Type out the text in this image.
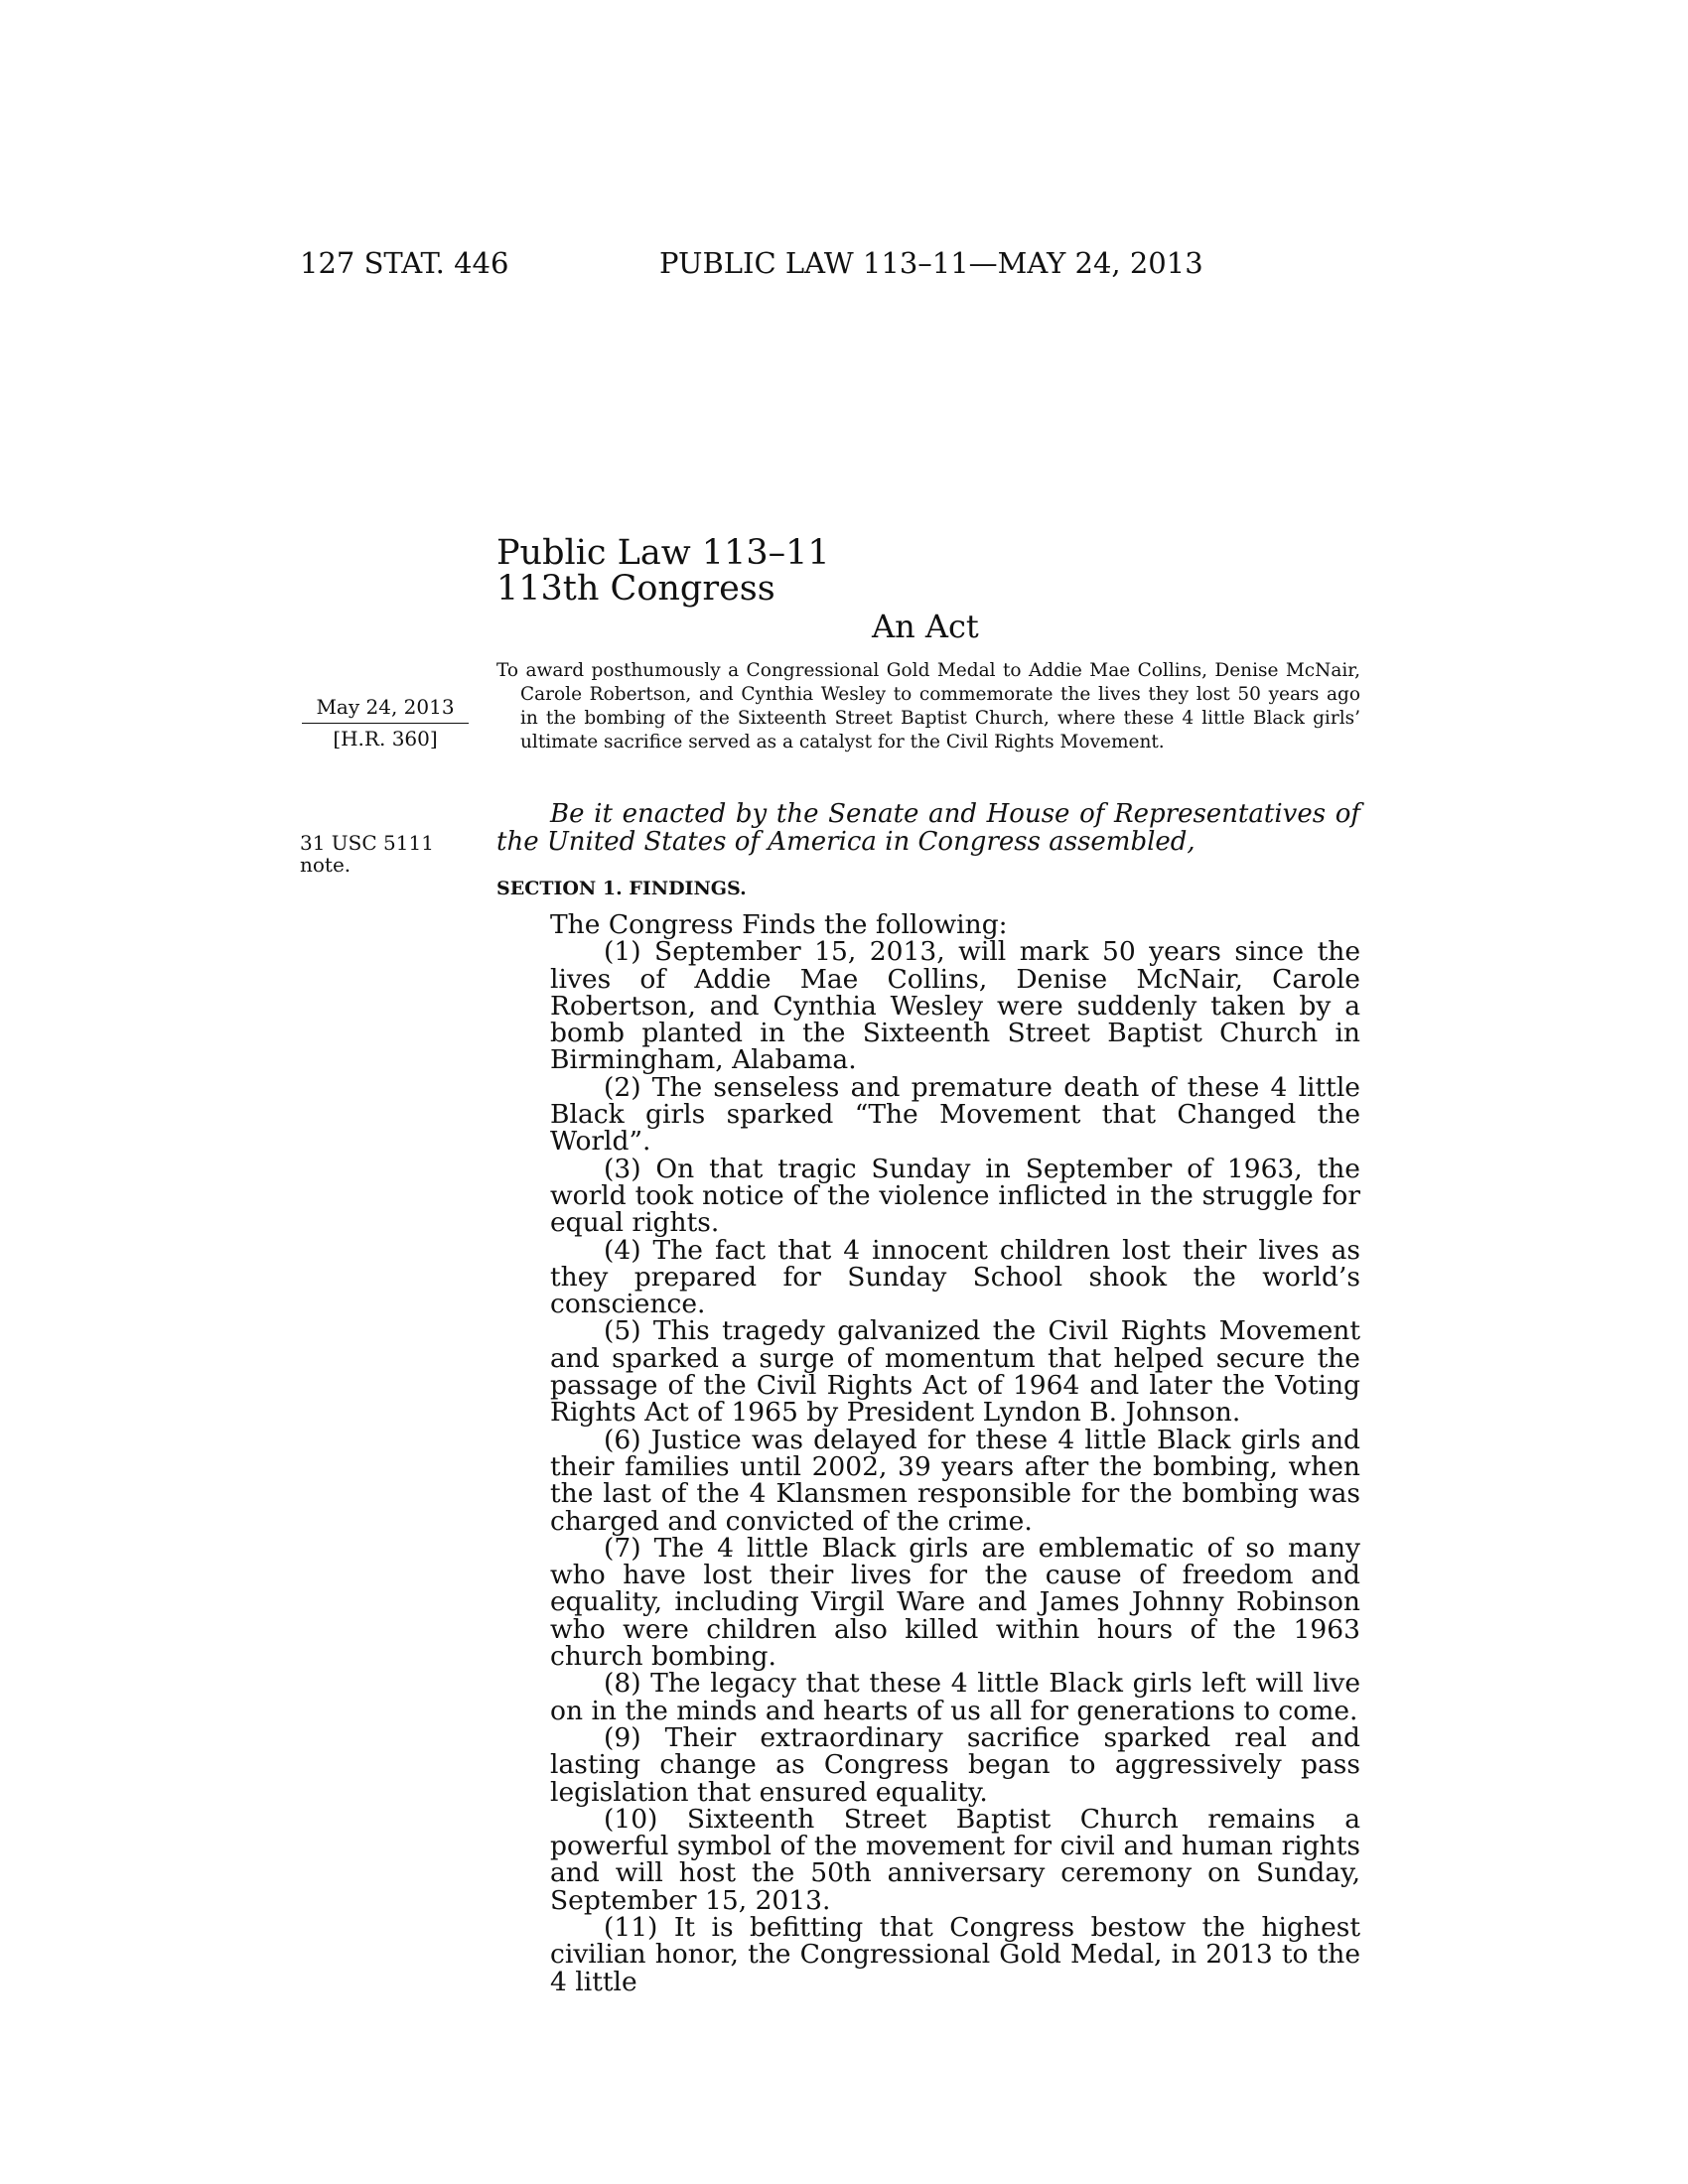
127 STAT. 446	PUBLIC LAW 113–11—MAY 24, 2013
Public Law 113–11
113th Congress
An Act
To award posthumously a Congressional Gold Medal to Addie Mae Collins, Denise McNair, Carole Robertson, and Cynthia Wesley to commemorate the lives they lost 50 years ago in the bombing of the Sixteenth Street Baptist Church, where these 4 little Black girls’ ultimate sacrifice served as a catalyst for the Civil Rights Movement.
May 24, 2013
[H.R. 360]
31 USC 5111
note.
Be it enacted by the Senate and House of Representatives of the United States of America in Congress assembled,
SECTION 1. FINDINGS.

The Congress Finds the following:

(1) September 15, 2013, will mark 50 years since the lives of Addie Mae Collins, Denise McNair, Carole Robertson, and Cynthia Wesley were suddenly taken by a bomb planted in the Sixteenth Street Baptist Church in Birmingham, Alabama.

(2) The senseless and premature death of these 4 little Black girls sparked “The Movement that Changed the World”.

(3) On that tragic Sunday in September of 1963, the world took notice of the violence inflicted in the struggle for equal rights.

(4) The fact that 4 innocent children lost their lives as they prepared for Sunday School shook the world’s conscience.

(5) This tragedy galvanized the Civil Rights Movement and sparked a surge of momentum that helped secure the passage of the Civil Rights Act of 1964 and later the Voting Rights Act of 1965 by President Lyndon B. Johnson.

(6) Justice was delayed for these 4 little Black girls and their families until 2002, 39 years after the bombing, when the last of the 4 Klansmen responsible for the bombing was charged and convicted of the crime.

(7) The 4 little Black girls are emblematic of so many who have lost their lives for the cause of freedom and equality, including Virgil Ware and James Johnny Robinson who were children also killed within hours of the 1963 church bombing.

(8) The legacy that these 4 little Black girls left will live on in the minds and hearts of us all for generations to come.

(9) Their extraordinary sacrifice sparked real and lasting change as Congress began to aggressively pass legislation that ensured equality.

(10) Sixteenth Street Baptist Church remains a powerful symbol of the movement for civil and human rights and will host the 50th anniversary ceremony on Sunday, September 15, 2013.

(11) It is befitting that Congress bestow the highest civilian honor, the Congressional Gold Medal, in 2013 to the 4 little
